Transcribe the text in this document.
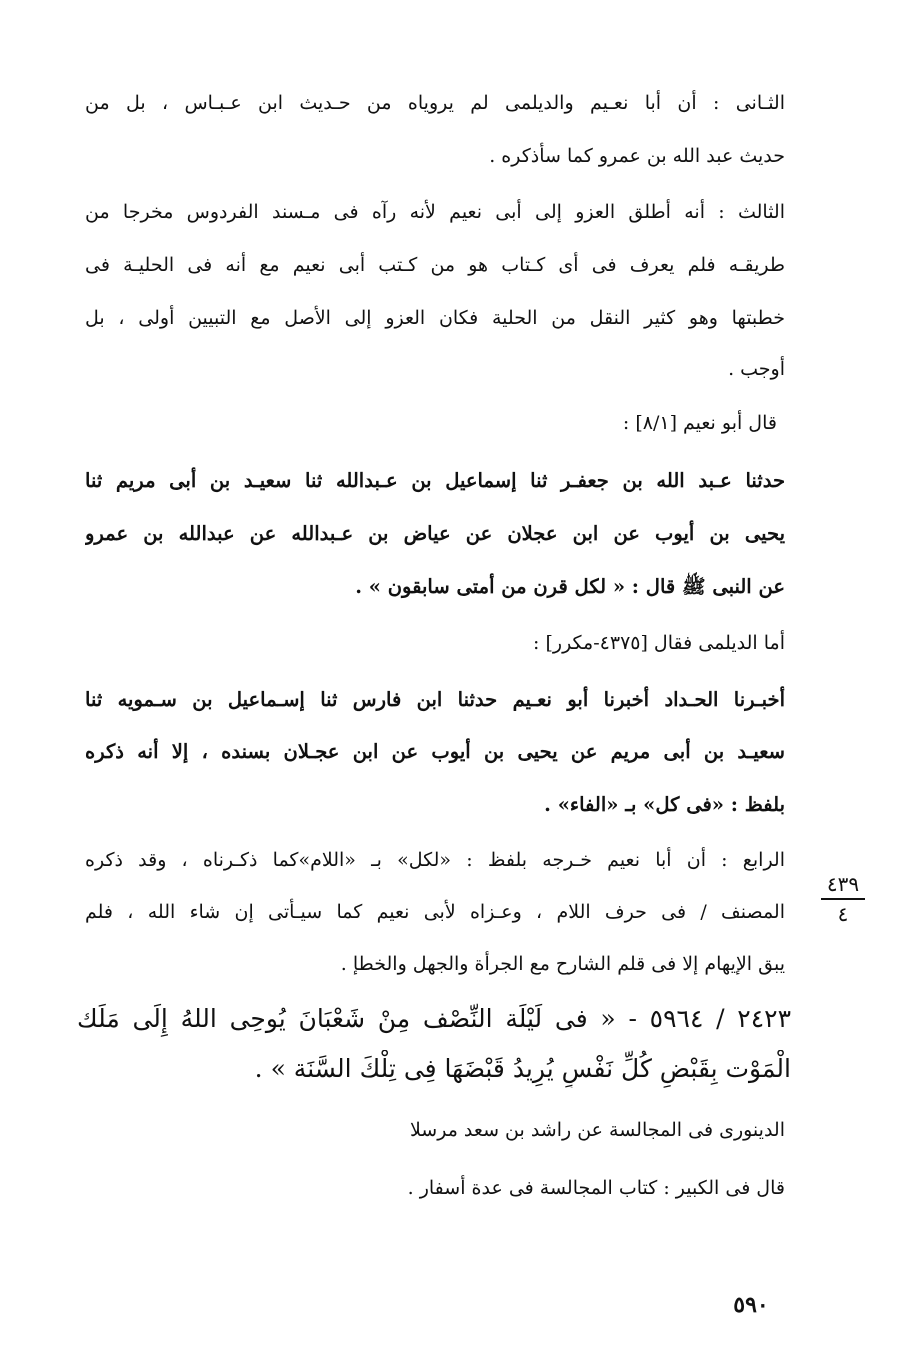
الثـانى : أن أبا نعـيم والديلمى لم يروياه من حـديث ابن عـبـاس ، بل من
حديث عبد الله بن عمرو كما سأذكره .
الثالث : أنه أطلق العزو إلى أبى نعيم لأنه رآه فى مـسند الفردوس مخرجا من
طريقـه فلم يعرف فى أى كـتاب هو من كـتب أبى نعيم مع أنه فى الحليـة فى
خطبتها وهو كثير النقل من الحلية فكان العزو إلى الأصل مع التبيين أولى ، بل
أوجب .
قال أبو نعيم [٨/١] :
حدثنا عـبد الله بن جعفـر ثنا إسماعيل بن عـبدالله ثنا سعيـد بن أبى مريم ثنا
يحيى بن أيوب عن ابن عجلان عن عياض بن عـبدالله عن عبدالله بن عمرو
عن النبى ﷺ قال : « لكل قرن من أمتى سابقون » .
أما الديلمى فقال [٤٣٧٥-مكرر] :
أخبـرنا الحـداد أخبرنا أبو نعـيم حدثنا ابن فارس ثنا إسـماعيل بن سـمويه ثنا
سعيـد بن أبى مريم عن يحيى بن أيوب عن ابن عجـلان بسنده ، إلا أنه ذكره
بلفظ : «فى كل» بـ «الفاء» .
الرابع : أن أبا نعيم خـرجه بلفظ : «لكل» بـ «اللام»كما ذكـرناه ، وقد ذكره
المصنف / فى حرف اللام ، وعـزاه لأبى نعيم كما سيـأتى إن شاء الله ، فلم
يبق الإيهام إلا فى قلم الشارح مع الجرأة والجهل والخطإ .
٢٤٢٣ / ٥٩٦٤ - « فى لَيْلَة النِّصْف مِنْ شَعْبَانَ يُوحِى اللهُ إِلَى مَلَك
الْمَوْت بِقَبْضِ كُلِّ نَفْسٍ يُرِيدُ قَبْضَهَا فِى تِلْكَ السَّنَة » .
الدينورى فى المجالسة عن راشد بن سعد مرسلا
قال فى الكبير : كتاب المجالسة فى عدة أسفار .
٤٣٩
٤
٥٩٠
